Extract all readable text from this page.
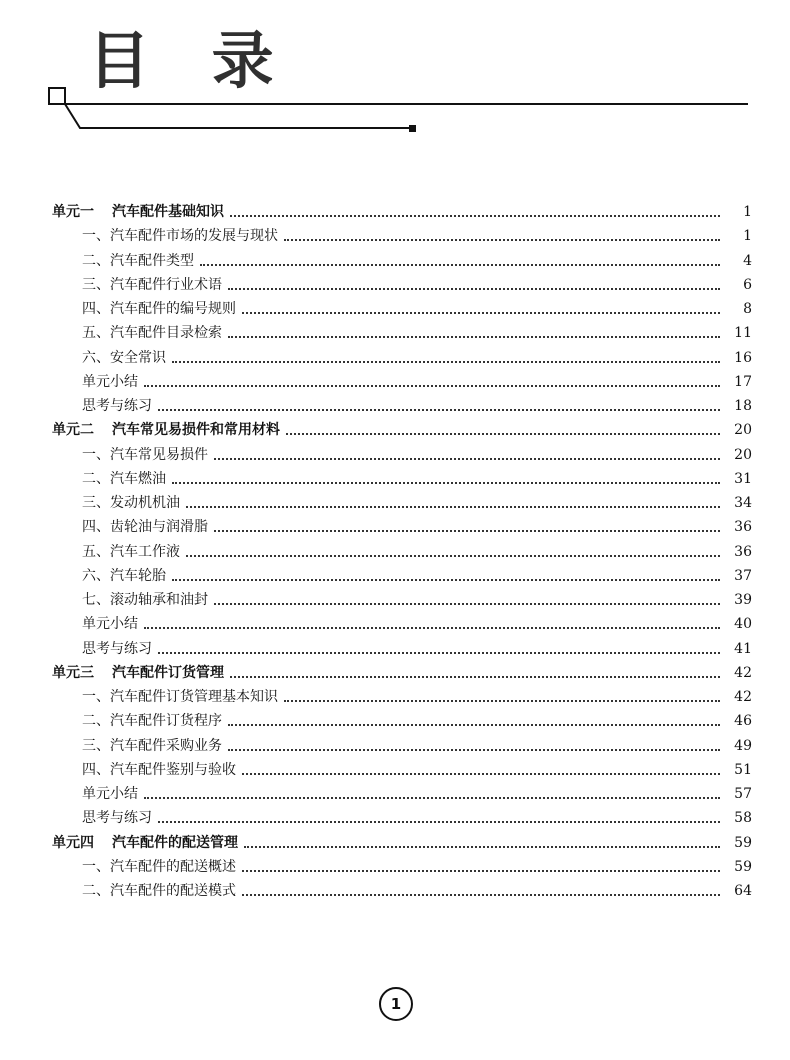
目 录
单元一 汽车配件基础知识	1
一、汽车配件市场的发展与现状	1
二、汽车配件类型	4
三、汽车配件行业术语	6
四、汽车配件的编号规则	8
五、汽车配件目录检索	11
六、安全常识	16
单元小结	17
思考与练习	18
单元二 汽车常见易损件和常用材料	20
一、汽车常见易损件	20
二、汽车燃油	31
三、发动机机油	34
四、齿轮油与润滑脂	36
五、汽车工作液	36
六、汽车轮胎	37
七、滚动轴承和油封	39
单元小结	40
思考与练习	41
单元三 汽车配件订货管理	42
一、汽车配件订货管理基本知识	42
二、汽车配件订货程序	46
三、汽车配件采购业务	49
四、汽车配件鉴别与验收	51
单元小结	57
思考与练习	58
单元四 汽车配件的配送管理	59
一、汽车配件的配送概述	59
二、汽车配件的配送模式	64
1
